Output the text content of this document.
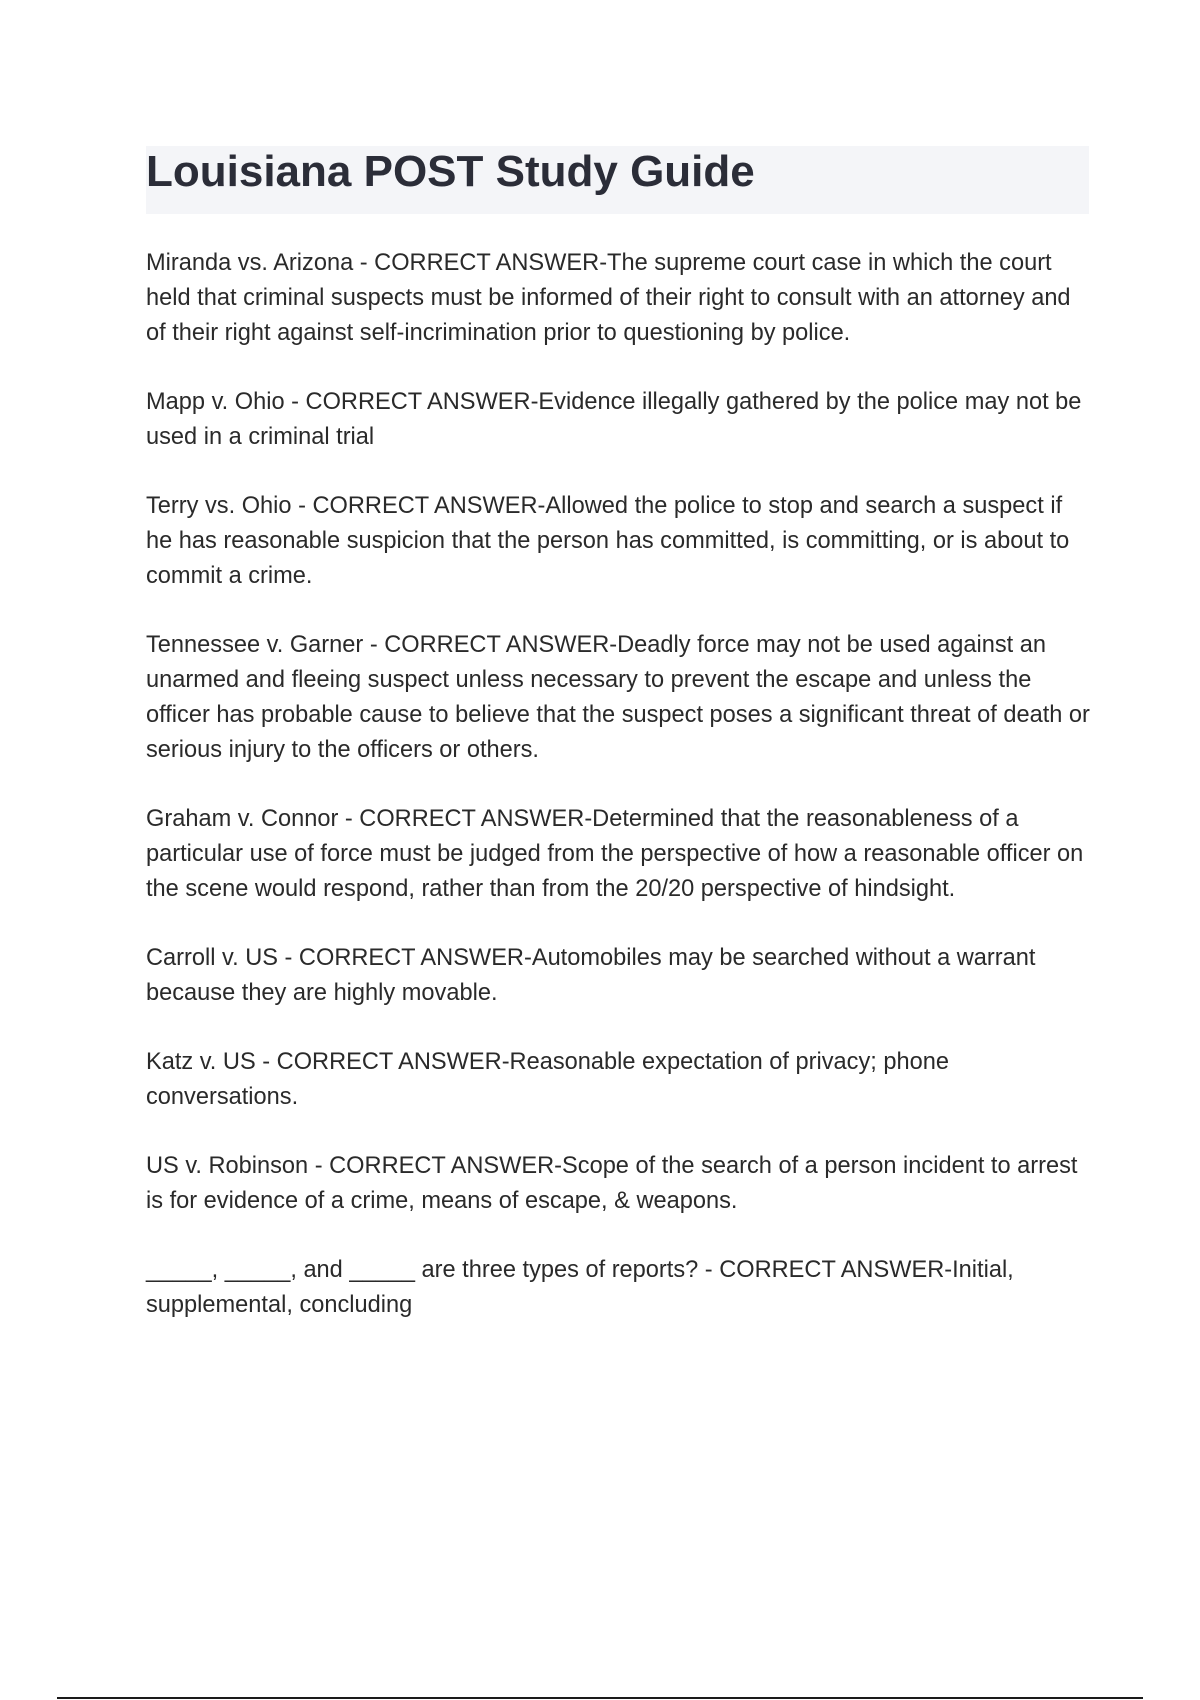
Louisiana POST Study Guide

Miranda vs. Arizona - CORRECT ANSWER-The supreme court case in which the court held that criminal suspects must be informed of their right to consult with an attorney and of their right against self-incrimination prior to questioning by police.

Mapp v. Ohio - CORRECT ANSWER-Evidence illegally gathered by the police may not be used in a criminal trial

Terry vs. Ohio - CORRECT ANSWER-Allowed the police to stop and search a suspect if he has reasonable suspicion that the person has committed, is committing, or is about to commit a crime.

Tennessee v. Garner - CORRECT ANSWER-Deadly force may not be used against an unarmed and fleeing suspect unless necessary to prevent the escape and unless the officer has probable cause to believe that the suspect poses a significant threat of death or serious injury to the officers or others.

Graham v. Connor - CORRECT ANSWER-Determined that the reasonableness of a particular use of force must be judged from the perspective of how a reasonable officer on the scene would respond, rather than from the 20/20 perspective of hindsight.

Carroll v. US - CORRECT ANSWER-Automobiles may be searched without a warrant because they are highly movable.

Katz v. US - CORRECT ANSWER-Reasonable expectation of privacy; phone conversations.

US v. Robinson - CORRECT ANSWER-Scope of the search of a person incident to arrest is for evidence of a crime, means of escape, & weapons.

_____, _____, and _____ are three types of reports? - CORRECT ANSWER-Initial, supplemental, concluding
